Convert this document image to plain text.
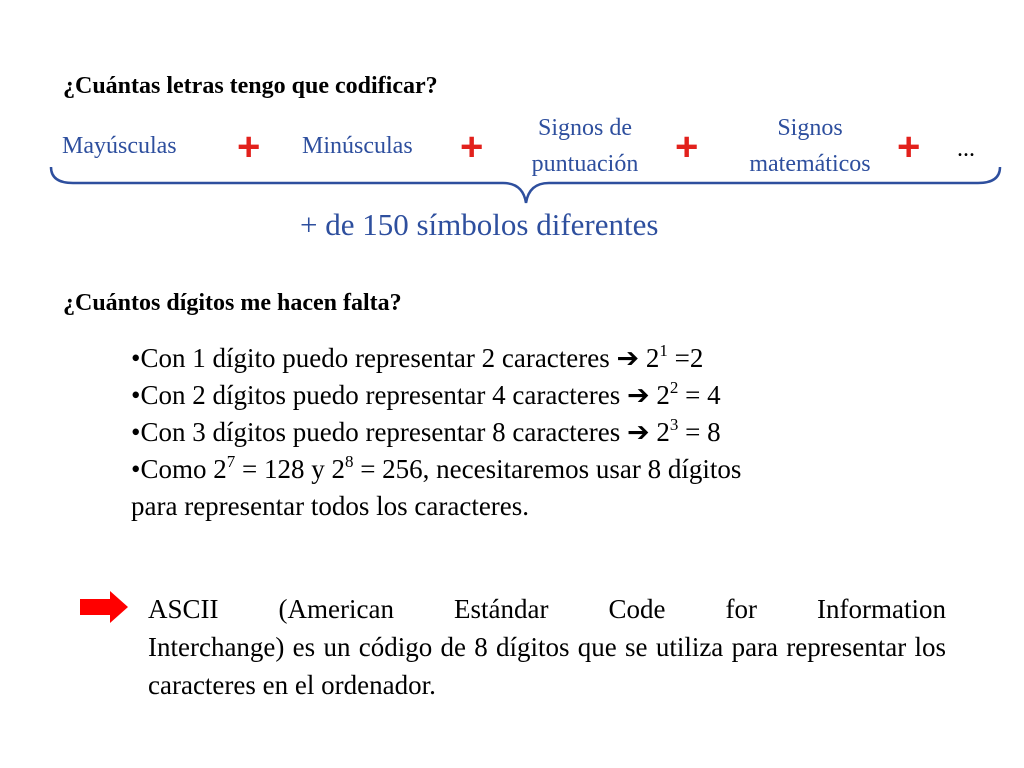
¿Cuántas letras tengo que codificar?
Mayúsculas + Minúsculas +	Signos de
puntuación +	Signos
matemáticos + ...
+ de 150 símbolos diferentes
¿Cuántos dígitos me hacen falta?
•Con 1 dígito puedo representar 2 caracteres ➔ $2^1 =2$
•Con 2 dígitos puedo representar 4 caracteres ➔ $2^2 = 4$
•Con 3 dígitos puedo representar 8 caracteres ➔ $2^3 = 8$
•Como $2^7 = 128$ y $2^8 = 256$, necesitaremos usar 8 dígitos
para representar todos los caracteres.
ASCII (American Estándar Code for Information
Interchange) es un código de 8 dígitos que se utiliza para representar los caracteres en el ordenador.
